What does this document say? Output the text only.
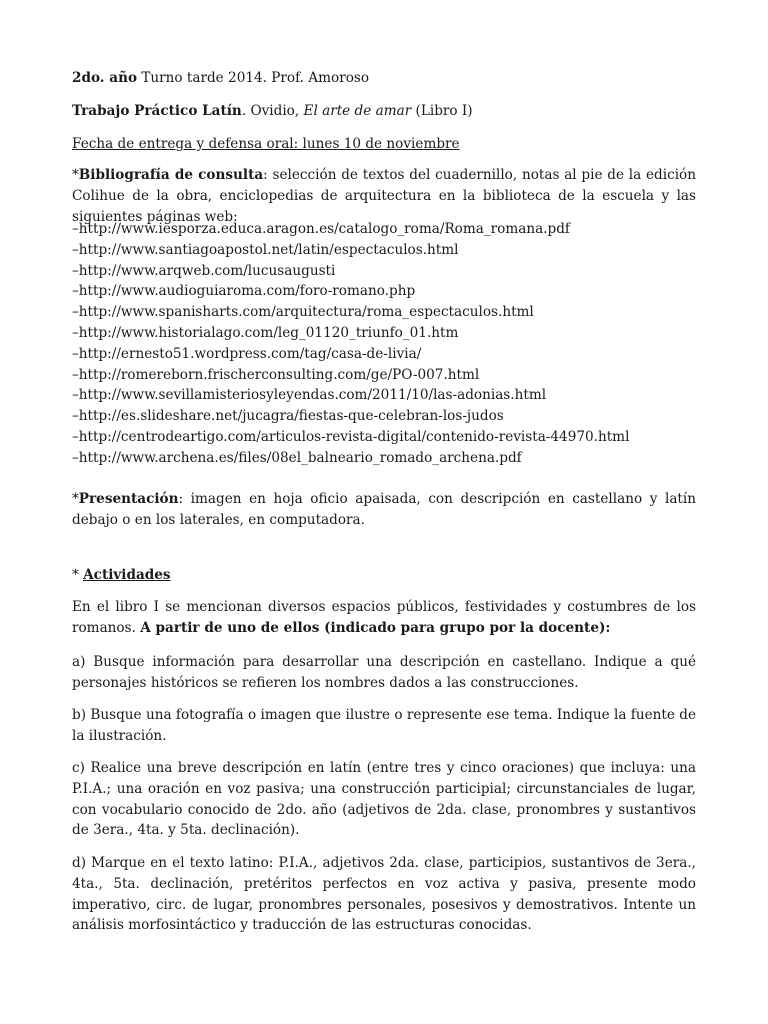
2do. año Turno tarde 2014. Prof. Amoroso

Trabajo Práctico Latín. Ovidio, El arte de amar (Libro I)

Fecha de entrega y defensa oral: lunes 10 de noviembre

*Bibliografía de consulta: selección de textos del cuadernillo, notas al pie de la edición Colihue de la obra, enciclopedias de arquitectura en la biblioteca de la escuela y las siguientes páginas web:

–http://www.iesporza.educa.aragon.es/catalogo_roma/Roma_romana.pdf
–http://www.santiagoapostol.net/latin/espectaculos.html
–http://www.arqweb.com/lucusaugusti
–http://www.audioguiaroma.com/foro-romano.php
–http://www.spanisharts.com/arquitectura/roma_espectaculos.html
–http://www.historialago.com/leg_01120_triunfo_01.htm
–http://ernesto51.wordpress.com/tag/casa-de-livia/
–http://romereborn.frischerconsulting.com/ge/PO-007.html
–http://www.sevillamisteriosyleyendas.com/2011/10/las-adonias.html
–http://es.slideshare.net/jucagra/fiestas-que-celebran-los-judos
–http://centrodeartigo.com/articulos-revista-digital/contenido-revista-44970.html
–http://www.archena.es/files/08el_balneario_romado_archena.pdf

*Presentación: imagen en hoja oficio apaisada, con descripción en castellano y latín debajo o en los laterales, en computadora.

* Actividades

En el libro I se mencionan diversos espacios públicos, festividades y costumbres de los romanos. A partir de uno de ellos (indicado para grupo por la docente):

a) Busque información para desarrollar una descripción en castellano. Indique a qué personajes históricos se refieren los nombres dados a las construcciones.

b) Busque una fotografía o imagen que ilustre o represente ese tema. Indique la fuente de la ilustración.

c) Realice una breve descripción en latín (entre tres y cinco oraciones) que incluya: una P.I.A.; una oración en voz pasiva; una construcción participial; circunstanciales de lugar, con vocabulario conocido de 2do. año (adjetivos de 2da. clase, pronombres y sustantivos de 3era., 4ta. y 5ta. declinación).

d) Marque en el texto latino: P.I.A., adjetivos 2da. clase, participios, sustantivos de 3era., 4ta., 5ta. declinación, pretéritos perfectos en voz activa y pasiva, presente modo imperativo, circ. de lugar, pronombres personales, posesivos y demostrativos. Intente un análisis morfosintáctico y traducción de las estructuras conocidas.
